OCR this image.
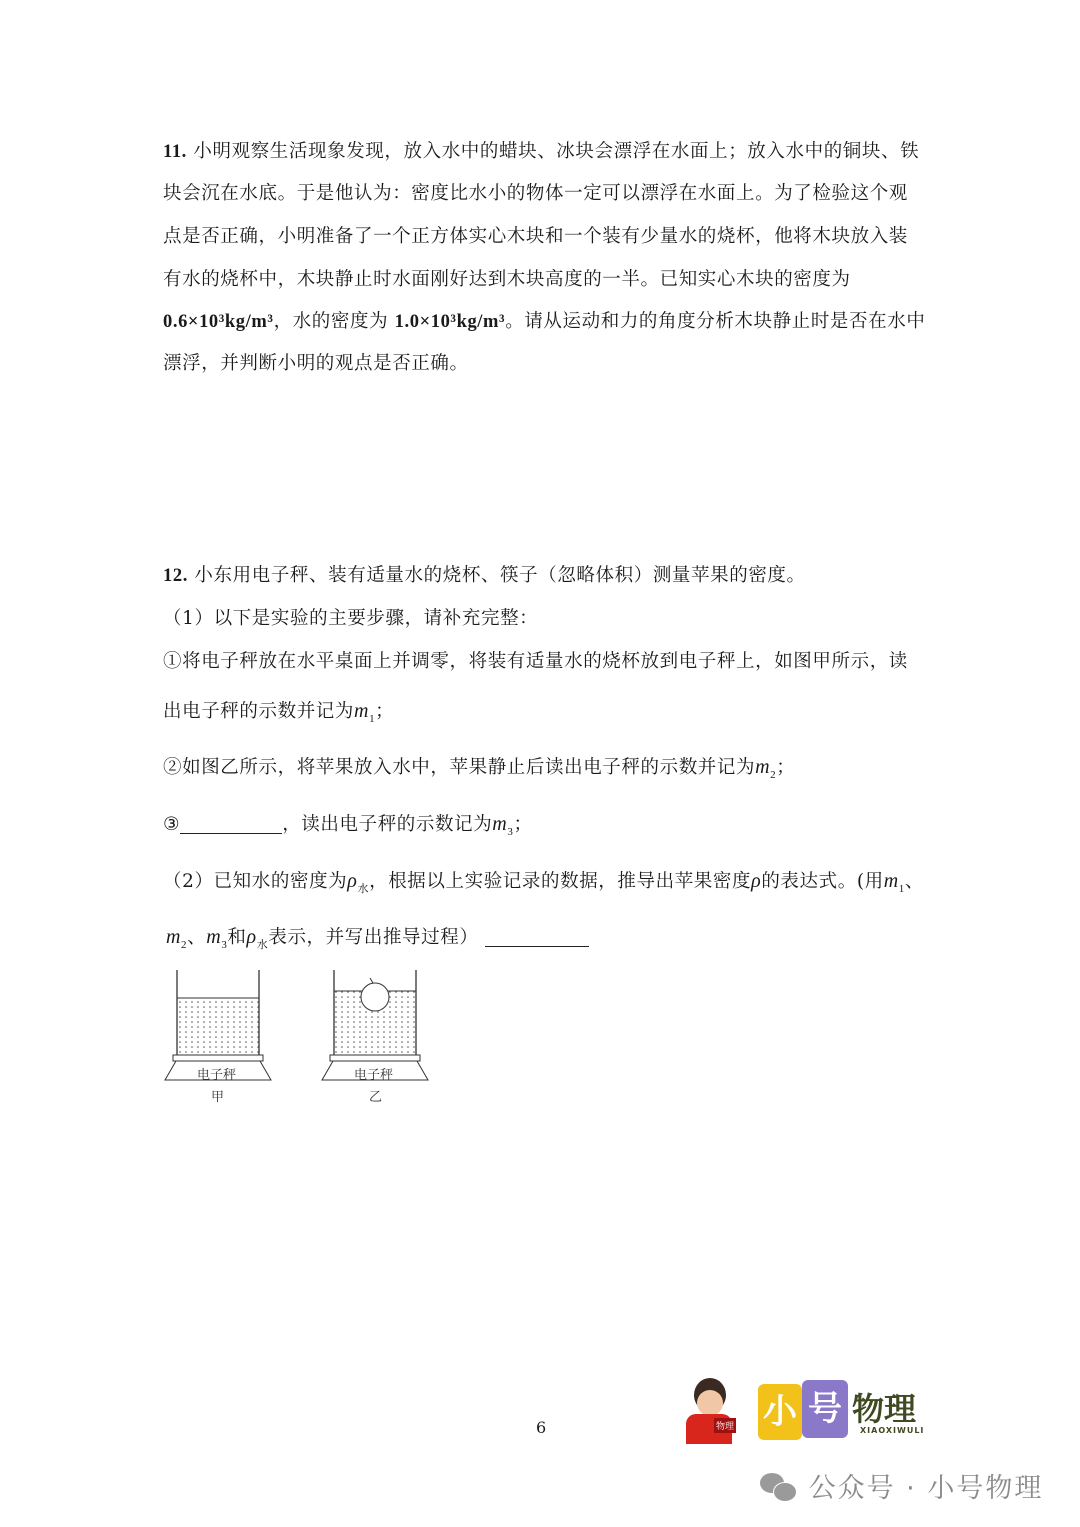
11. 小明观察生活现象发现，放入水中的蜡块、冰块会漂浮在水面上；放入水中的铜块、铁
块会沉在水底。于是他认为：密度比水小的物体一定可以漂浮在水面上。为了检验这个观
点是否正确，小明准备了一个正方体实心木块和一个装有少量水的烧杯，他将木块放入装
有水的烧杯中，木块静止时水面刚好达到木块高度的一半。已知实心木块的密度为
0.6×10³kg/m³，水的密度为 1.0×10³kg/m³。请从运动和力的角度分析木块静止时是否在水中
漂浮，并判断小明的观点是否正确。
12. 小东用电子秤、装有适量水的烧杯、筷子（忽略体积）测量苹果的密度。
（1）以下是实验的主要步骤，请补充完整：
①将电子秤放在水平桌面上并调零，将装有适量水的烧杯放到电子秤上，如图甲所示，读
出电子秤的示数并记为$m_1$；
②如图乙所示，将苹果放入水中，苹果静止后读出电子秤的示数并记为$m_2$；
③	，读出电子秤的示数记为$m_3$；
（2）已知水的密度为$\rho_水$，根据以上实验记录的数据，推导出苹果密度ρ的表达式。(用$m_1$、
$m_2$、$m_3$和$\rho_水$表示，并写出推导过程）
电子秤	电子秤
甲	乙
6	物理 小 号 物理
XIAOXIWULI
公众号 · 小号物理
